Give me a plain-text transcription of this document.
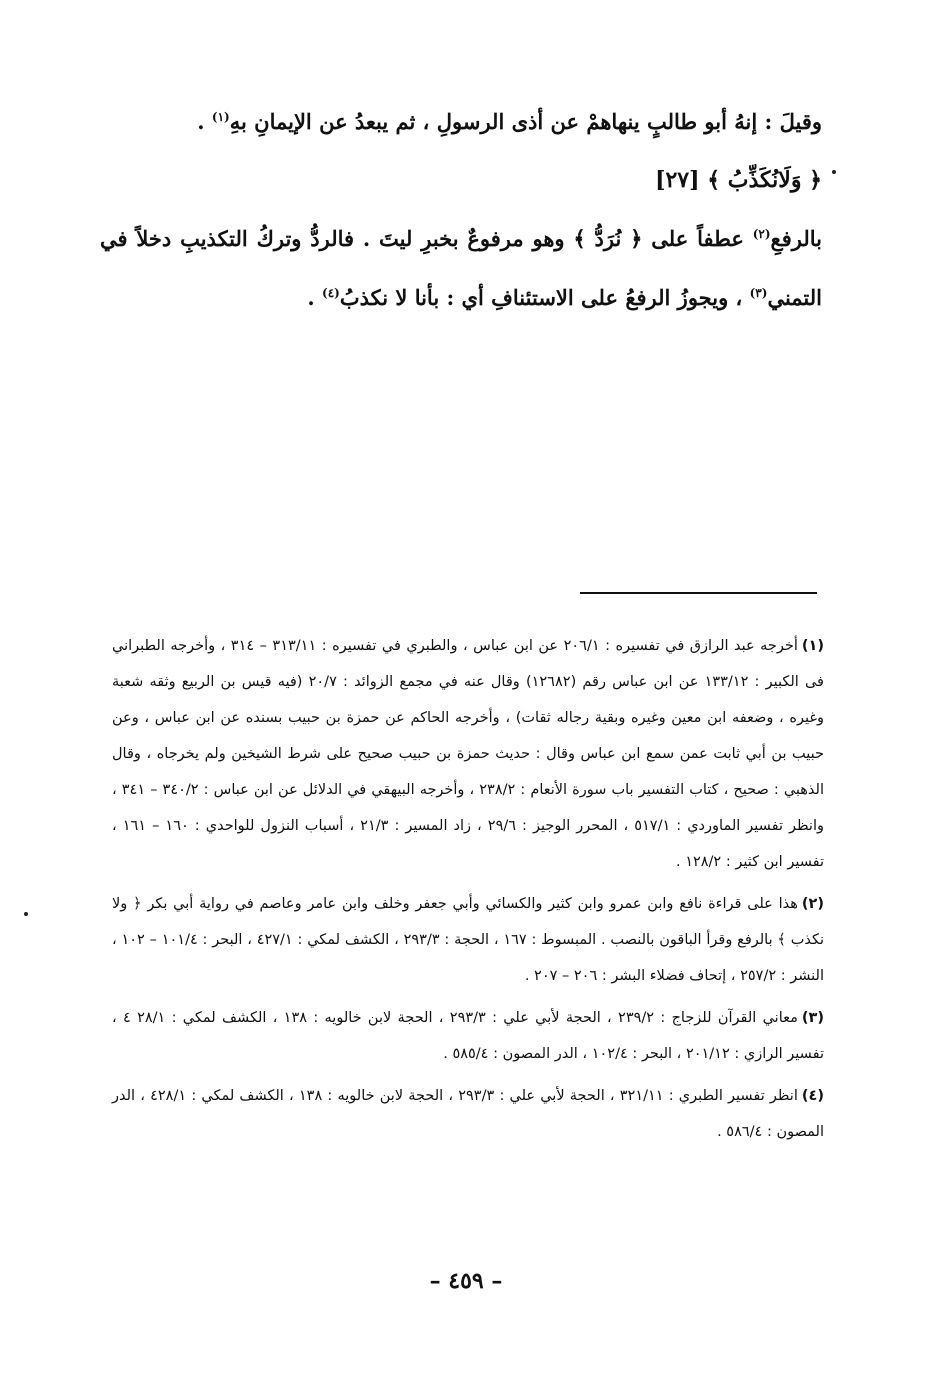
وقيلَ : إنهُ أبو طالبٍ ينهاهمْ عن أذى الرسولِ ، ثم يبعدُ عن الإيمانِ بهِ$^{(١)}$ .

﴿ وَلَانُكَذِّبُ ﴾ [٢٧]

بالرفعِ$^{(٢)}$ عطفاً على ﴿ نُرَدُّ ﴾ وهو مرفوعٌ بخبرِ ليتَ . فالردُّ وتركُ التكذيبِ دخلاً في التمني$^{(٣)}$ ، ويجوزُ الرفعُ على الاستئنافِ أي : بأنا لا نكذبُ$^{(٤)}$ .

(١)أخرجه عبد الرازق في تفسيره : ٢٠٦/١ عن ابن عباس ، والطبري في تفسيره : ٣١٣/١١ – ٣١٤ ، وأخرجه الطبراني فى الكبير : ١٣٣/١٢ عن ابن عباس رقم (١٢٦٨٢) وقال عنه في مجمع الزوائد : ٢٠/٧ (فيه قيس بن الربيع وثقه شعبة وغيره ، وضعفه ابن معين وغيره وبقية رجاله ثقات) ، وأخرجه الحاكم عن حمزة بن حبيب بسنده عن ابن عباس ، وعن حبيب بن أبي ثابت عمن سمع ابن عباس وقال : حديث حمزة بن حبيب صحيح على شرط الشيخين ولم يخرجاه ، وقال الذهبي : صحيح ، كتاب التفسير باب سورة الأنعام : ٢٣٨/٢ ، وأخرجه البيهقي في الدلائل عن ابن عباس : ٣٤٠/٢ – ٣٤١ ، وانظر تفسير الماوردي : ٥١٧/١ ، المحرر الوجيز : ٢٩/٦ ، زاد المسير : ٢١/٣ ، أسباب النزول للواحدي : ١٦٠ – ١٦١ ، تفسير ابن كثير : ١٢٨/٢ .

(٢)هذا على قراءة نافع وابن عمرو وابن كثير والكسائي وأبي جعفر وخلف وابن عامر وعاصم في رواية أبي بكر ﴿ ولا نكذب ﴾ بالرفع وقرأ الباقون بالنصب . المبسوط : ١٦٧ ، الحجة : ٢٩٣/٣ ، الكشف لمكي : ٤٢٧/١ ، البحر : ١٠١/٤ – ١٠٢ ، النشر : ٢٥٧/٢ ، إتحاف فضلاء البشر : ٢٠٦ – ٢٠٧ .

(٣)معاني القرآن للزجاج : ٢٣٩/٢ ، الحجة لأبي علي : ٢٩٣/٣ ، الحجة لابن خالويه : ١٣٨ ، الكشف لمكي : ٢٨/١ ٤ ، تفسير الرازي : ٢٠١/١٢ ، البحر : ١٠٢/٤ ، الدر المصون : ٥٨٥/٤ .

(٤)انظر تفسير الطبري : ٣٢١/١١ ، الحجة لأبي علي : ٢٩٣/٣ ، الحجة لابن خالويه : ١٣٨ ، الكشف لمكي : ٤٢٨/١ ، الدر المصون : ٥٨٦/٤ .

– ٤٥٩ –
